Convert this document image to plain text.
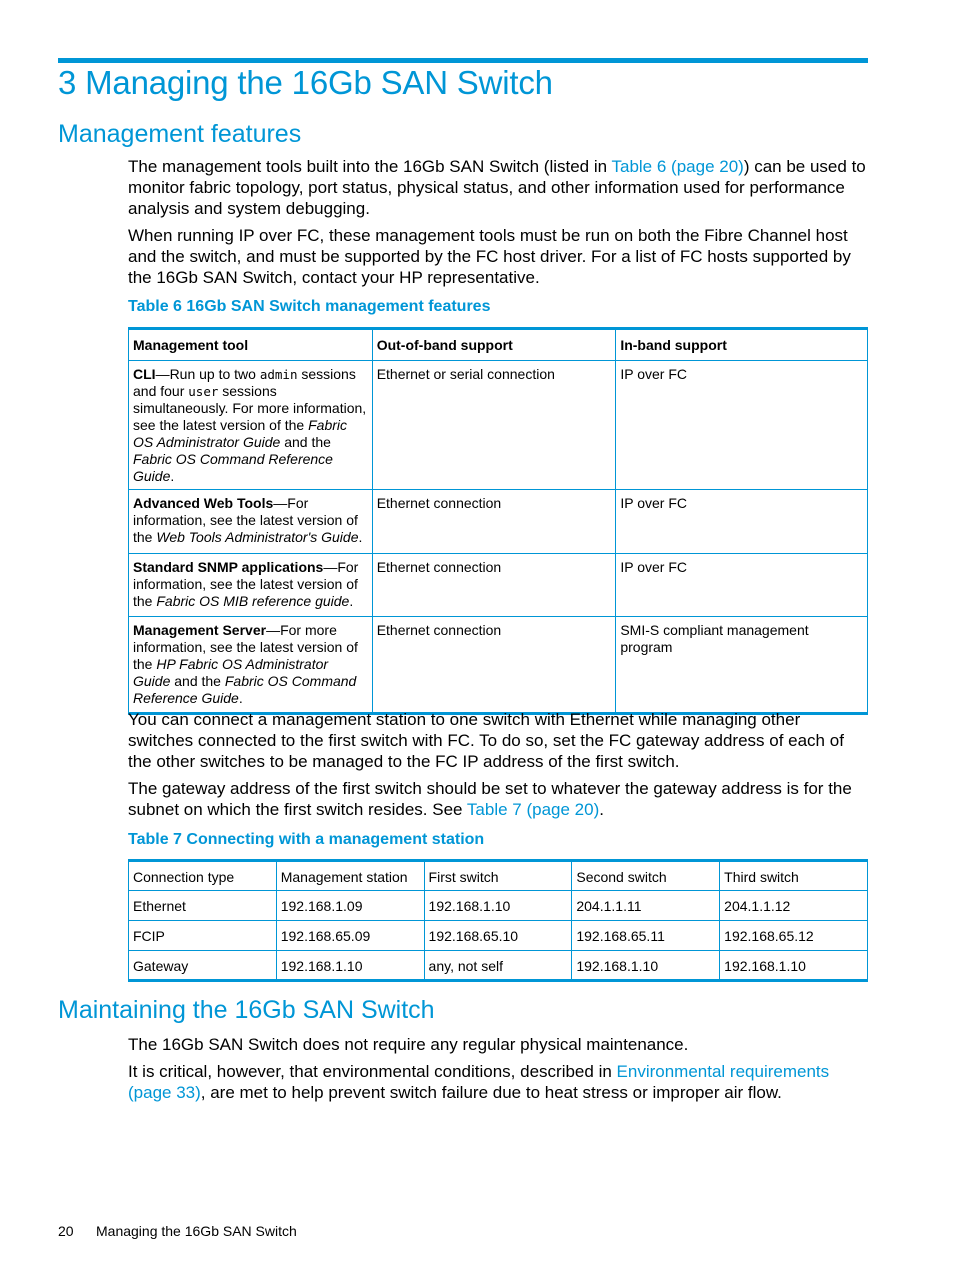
3 Managing the 16Gb SAN Switch
Management features

The management tools built into the 16Gb SAN Switch (listed in Table 6 (page 20)) can be used to monitor fabric topology, port status, physical status, and other information used for performance analysis and system debugging.

When running IP over FC, these management tools must be run on both the Fibre Channel host and the switch, and must be supported by the FC host driver. For a list of FC hosts supported by the 16Gb SAN Switch, contact your HP representative.

Table 6 16Gb SAN Switch management features
Management tool	Out-of-band support	In-band support
CLI—Run up to two admin sessions and four user sessions simultaneously. For more information, see the latest version of the Fabric OS Administrator Guide and the Fabric OS Command Reference Guide.	Ethernet or serial connection	IP over FC
Advanced Web Tools—For information, see the latest version of the Web Tools Administrator's Guide.	Ethernet connection	IP over FC
Standard SNMP applications—For information, see the latest version of the Fabric OS MIB reference guide.	Ethernet connection	IP over FC
Management Server—For more information, see the latest version of the HP Fabric OS Administrator Guide and the Fabric OS Command Reference Guide.	Ethernet connection	SMI-S compliant management program

You can connect a management station to one switch with Ethernet while managing other switches connected to the first switch with FC. To do so, set the FC gateway address of each of the other switches to be managed to the FC IP address of the first switch.

The gateway address of the first switch should be set to whatever the gateway address is for the subnet on which the first switch resides. See Table 7 (page 20).

Table 7 Connecting with a management station
Connection type	Management station	First switch	Second switch	Third switch
Ethernet	192.168.1.09	192.168.1.10	204.1.1.11	204.1.1.12
FCIP	192.168.65.09	192.168.65.10	192.168.65.11	192.168.65.12
Gateway	192.168.1.10	any, not self	192.168.1.10	192.168.1.10
Maintaining the 16Gb SAN Switch

The 16Gb SAN Switch does not require any regular physical maintenance.

It is critical, however, that environmental conditions, described in Environmental requirements (page 33), are met to help prevent switch failure due to heat stress or improper air flow.

20 Managing the 16Gb SAN Switch
